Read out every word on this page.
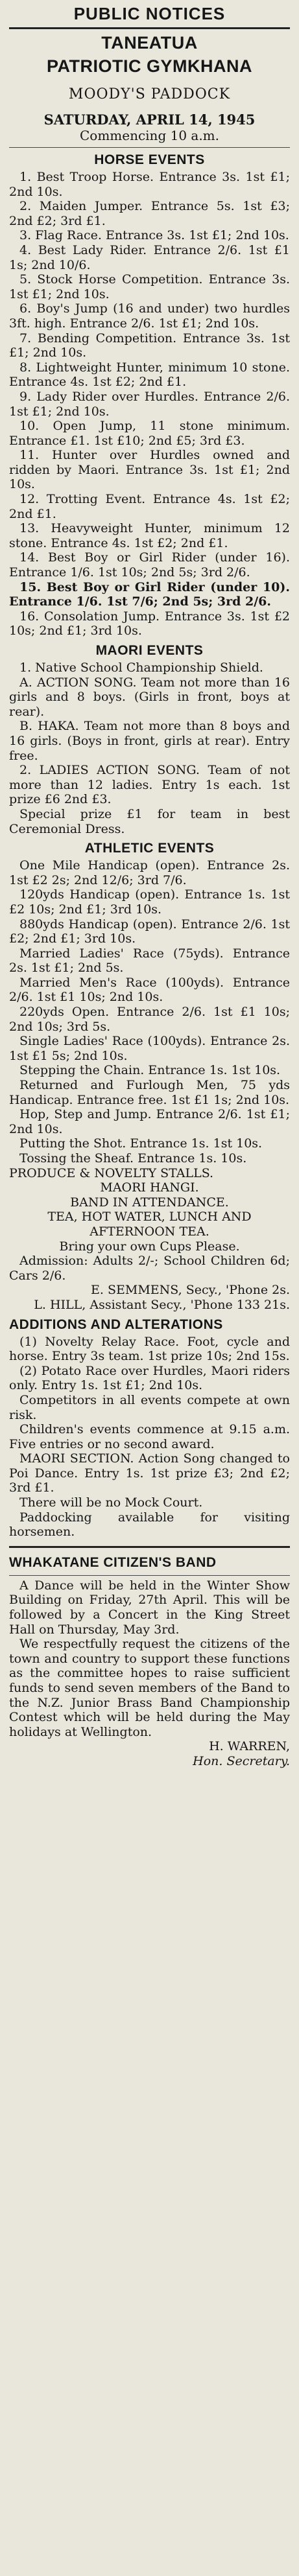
PUBLIC NOTICES
TANEATUA
PATRIOTIC GYMKHANA
MOODY'S PADDOCK
SATURDAY, APRIL 14, 1945
Commencing 10 a.m.
HORSE EVENTS

1. Best Troop Horse. Entrance 3s. 1st £1; 2nd 10s.

2. Maiden Jumper. Entrance 5s. 1st £3; 2nd £2; 3rd £1.

3. Flag Race. Entrance 3s. 1st £1; 2nd 10s.

4. Best Lady Rider. Entrance 2/6. 1st £1 1s; 2nd 10/6.

5. Stock Horse Competition. Entrance 3s. 1st £1; 2nd 10s.

6. Boy's Jump (16 and under) two hurdles 3ft. high. Entrance 2/6. 1st £1; 2nd 10s.

7. Bending Competition. Entrance 3s. 1st £1; 2nd 10s.

8. Lightweight Hunter, minimum 10 stone. Entrance 4s. 1st £2; 2nd £1.

9. Lady Rider over Hurdles. Entrance 2/6. 1st £1; 2nd 10s.

10. Open Jump, 11 stone minimum. Entrance £1. 1st £10; 2nd £5; 3rd £3.

11. Hunter over Hurdles owned and ridden by Maori. Entrance 3s. 1st £1; 2nd 10s.

12. Trotting Event. Entrance 4s. 1st £2; 2nd £1.

13. Heavyweight Hunter, minimum 12 stone. Entrance 4s. 1st £2; 2nd £1.

14. Best Boy or Girl Rider (under 16). Entrance 1/6. 1st 10s; 2nd 5s; 3rd 2/6.

15. Best Boy or Girl Rider (under 10). Entrance 1/6. 1st 7/6; 2nd 5s; 3rd 2/6.

16. Consolation Jump. Entrance 3s. 1st £2 10s; 2nd £1; 3rd 10s.

MAORI EVENTS

1. Native School Championship Shield.

A. ACTION SONG. Team not more than 16 girls and 8 boys. (Girls in front, boys at rear).

B. HAKA. Team not more than 8 boys and 16 girls. (Boys in front, girls at rear). Entry free.

2. LADIES ACTION SONG. Team of not more than 12 ladies. Entry 1s each. 1st prize £6 2nd £3.

Special prize £1 for team in best Ceremonial Dress.

ATHLETIC EVENTS

One Mile Handicap (open). Entrance 2s. 1st £2 2s; 2nd 12/6; 3rd 7/6.

120yds Handicap (open). Entrance 1s. 1st £2 10s; 2nd £1; 3rd 10s.

880yds Handicap (open). Entrance 2/6. 1st £2; 2nd £1; 3rd 10s.

Married Ladies' Race (75yds). Entrance 2s. 1st £1; 2nd 5s.

Married Men's Race (100yds). Entrance 2/6. 1st £1 10s; 2nd 10s.

220yds Open. Entrance 2/6. 1st £1 10s; 2nd 10s; 3rd 5s.

Single Ladies' Race (100yds). Entrance 2s. 1st £1 5s; 2nd 10s.

Stepping the Chain. Entrance 1s. 1st 10s.

Returned and Furlough Men, 75 yds Handicap. Entrance free. 1st £1 1s; 2nd 10s.

Hop, Step and Jump. Entrance 2/6. 1st £1; 2nd 10s.

Putting the Shot. Entrance 1s. 1st 10s.

Tossing the Sheaf. Entrance 1s. 10s.

PRODUCE & NOVELTY STALLS.

MAORI HANGI.

BAND IN ATTENDANCE.

TEA, HOT WATER, LUNCH AND AFTERNOON TEA.

Bring your own Cups Please.

Admission: Adults 2/-; School Children 6d; Cars 2/6.

E. SEMMENS, Secy., 'Phone 2s.

L. HILL, Assistant Secy., 'Phone 133 21s.

ADDITIONS AND ALTERATIONS

(1) Novelty Relay Race. Foot, cycle and horse. Entry 3s team. 1st prize 10s; 2nd 15s.

(2) Potato Race over Hurdles, Maori riders only. Entry 1s. 1st £1; 2nd 10s.

Competitors in all events compete at own risk.

Children's events commence at 9.15 a.m. Five entries or no second award.

MAORI SECTION. Action Song changed to Poi Dance. Entry 1s. 1st prize £3; 2nd £2; 3rd £1.

There will be no Mock Court.

Paddocking available for visiting horsemen.

WHAKATANE CITIZEN'S BAND

A Dance will be held in the Winter Show Building on Friday, 27th April. This will be followed by a Concert in the King Street Hall on Thursday, May 3rd.

We respectfully request the citizens of the town and country to support these functions as the committee hopes to raise sufficient funds to send seven members of the Band to the N.Z. Junior Brass Band Championship Contest which will be held during the May holidays at Wellington.

H. WARREN,
Hon. Secretary.
